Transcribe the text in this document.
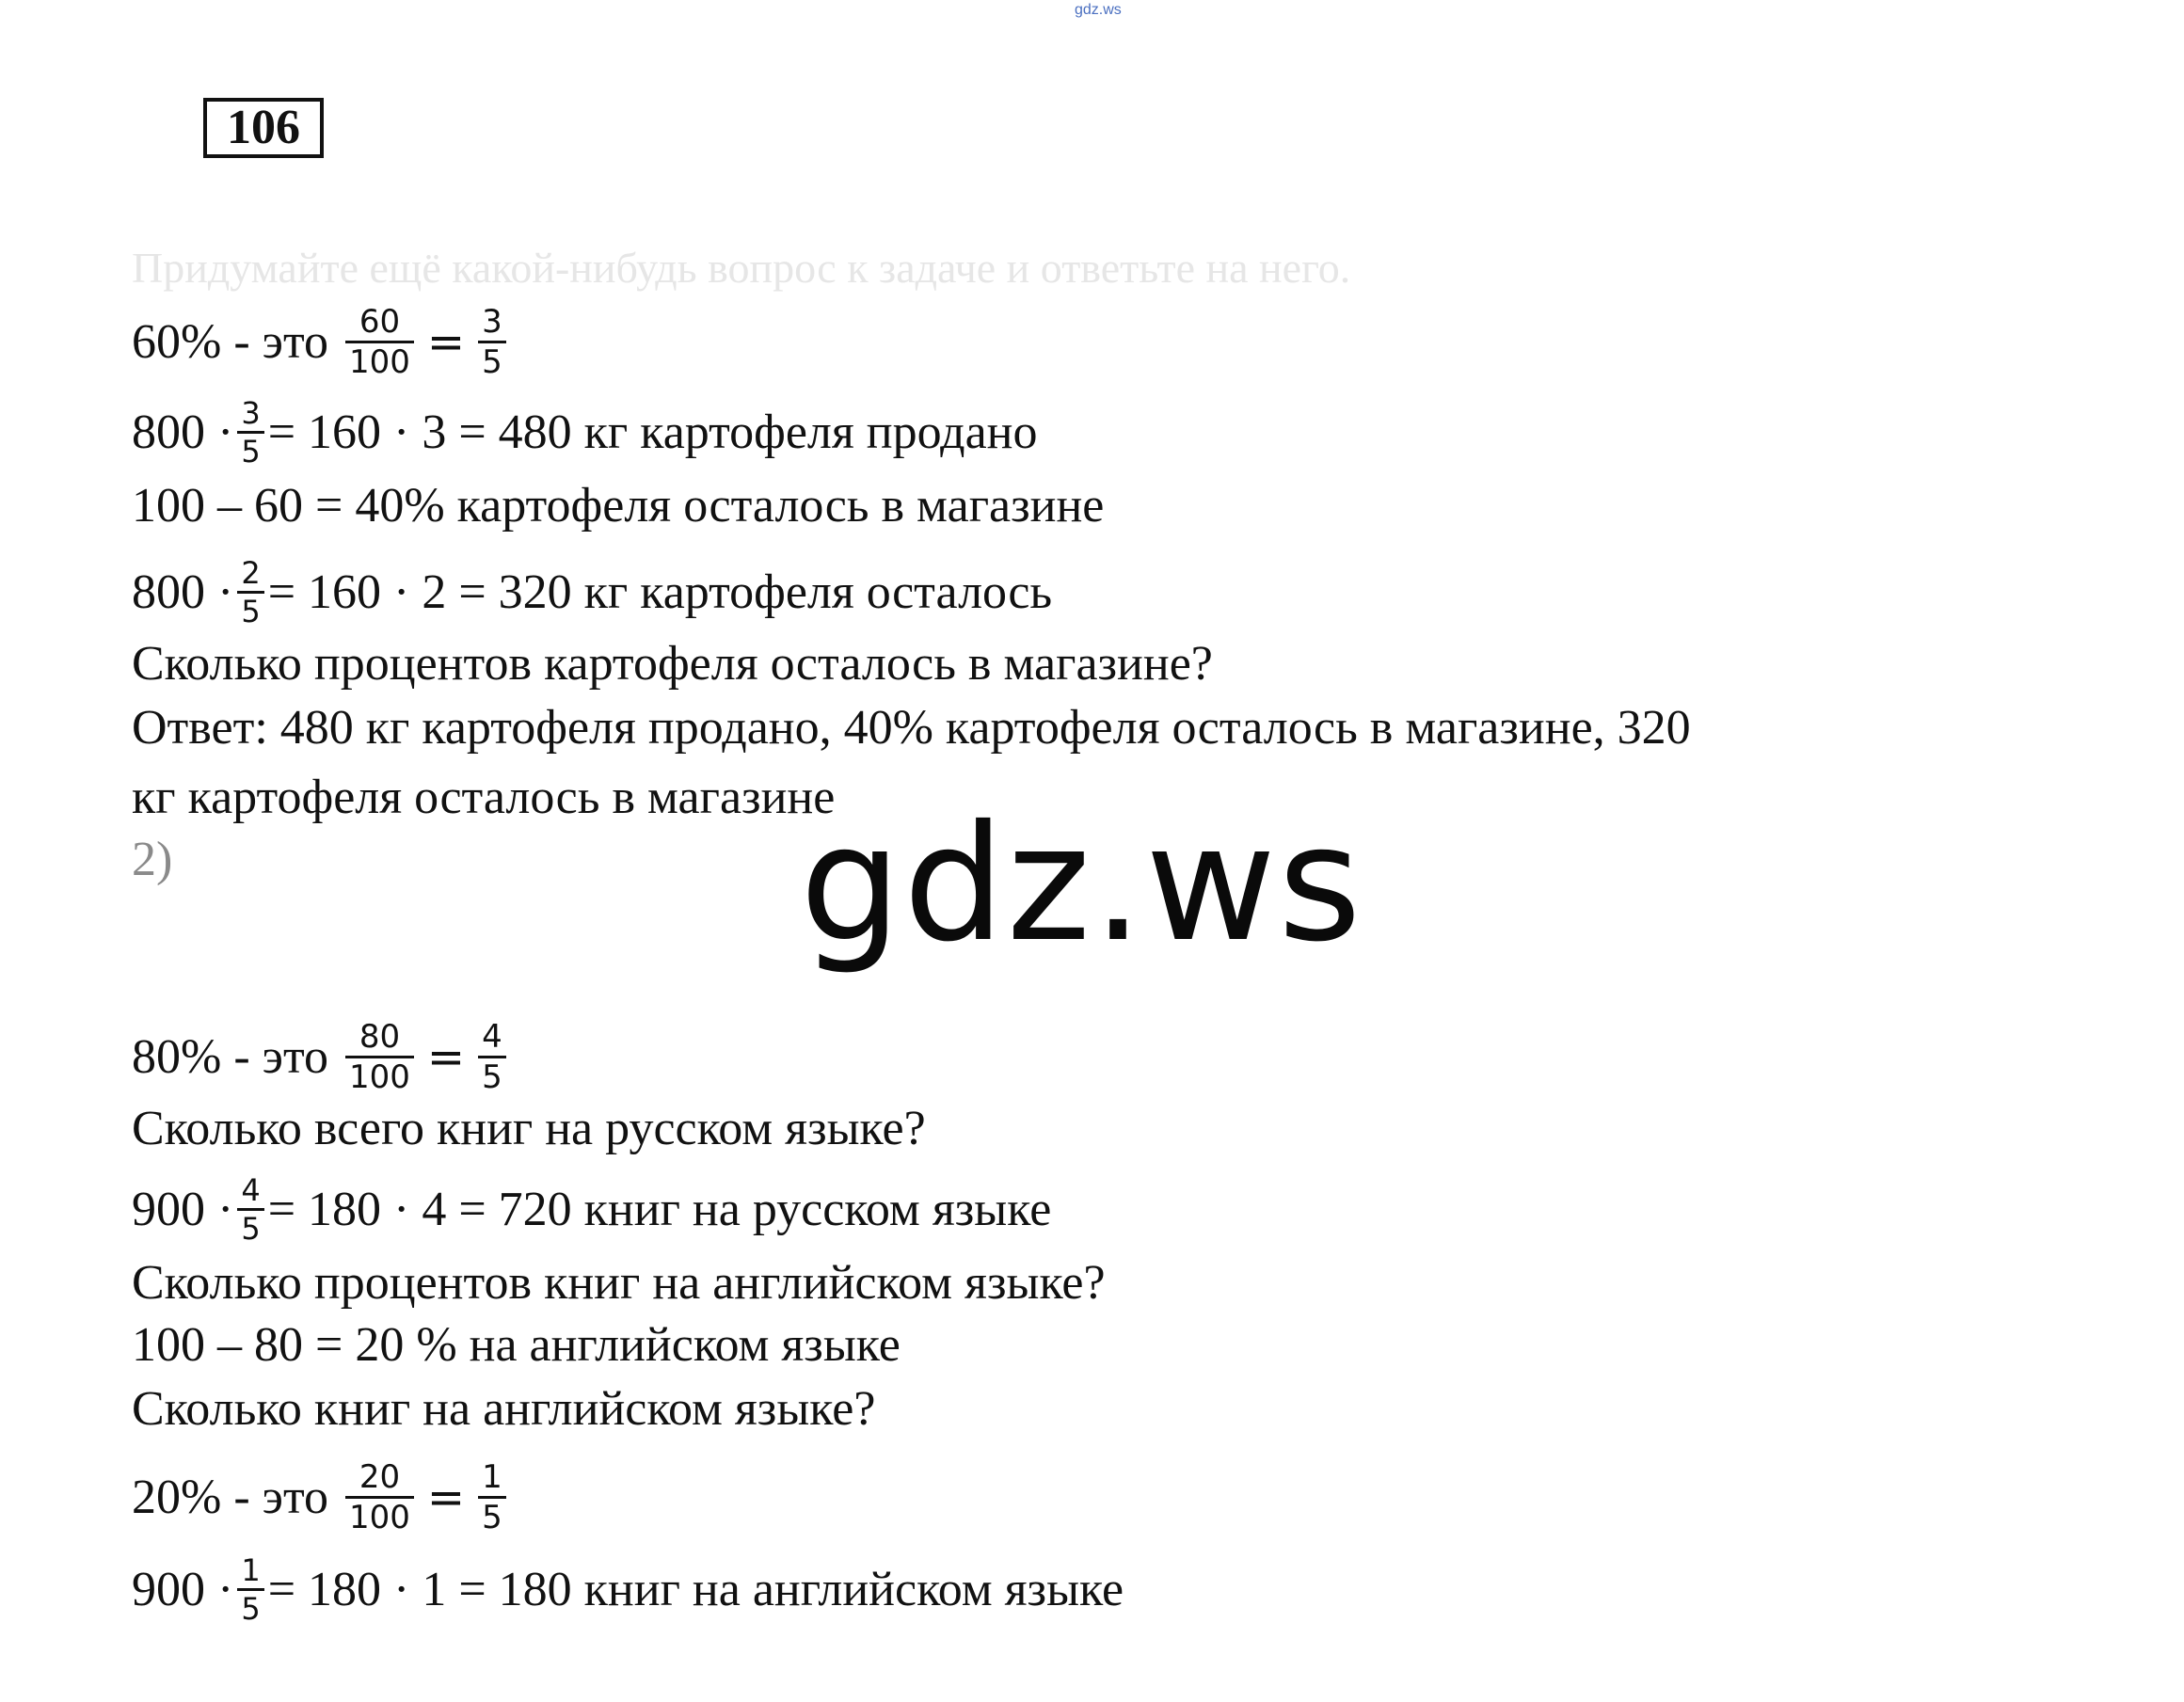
gdz.ws
106
Придумайте ещё какой-нибудь вопрос к задаче и ответьте на него.
60% - это $\frac{60}{100} = \frac{3}{5}$
$800 \cdot \frac{3}{5} = 160 \cdot 3 = 480$ кг картофеля продано
100 – 60 = 40% картофеля осталось в магазине
$800 \cdot \frac{2}{5} = 160 \cdot 2 = 320$ кг картофеля осталось
Сколько процентов картофеля осталось в магазине?
Ответ: 480 кг картофеля продано, 40% картофеля осталось в магазине, 320
кг картофеля осталось в магазине
2)	gdz.ws
80% - это $\frac{80}{100} = \frac{4}{5}$
Сколько всего книг на русском языке?
$900 \cdot \frac{4}{5} = 180 \cdot 4 = 720$ книг на русском языке
Сколько процентов книг на английском языке?
100 – 80 = 20 % на английском языке
Сколько книг на английском языке?
20% - это $\frac{20}{100} = \frac{1}{5}$
$900 \cdot \frac{1}{5} = 180 \cdot 1 = 180$ книг на английском языке
